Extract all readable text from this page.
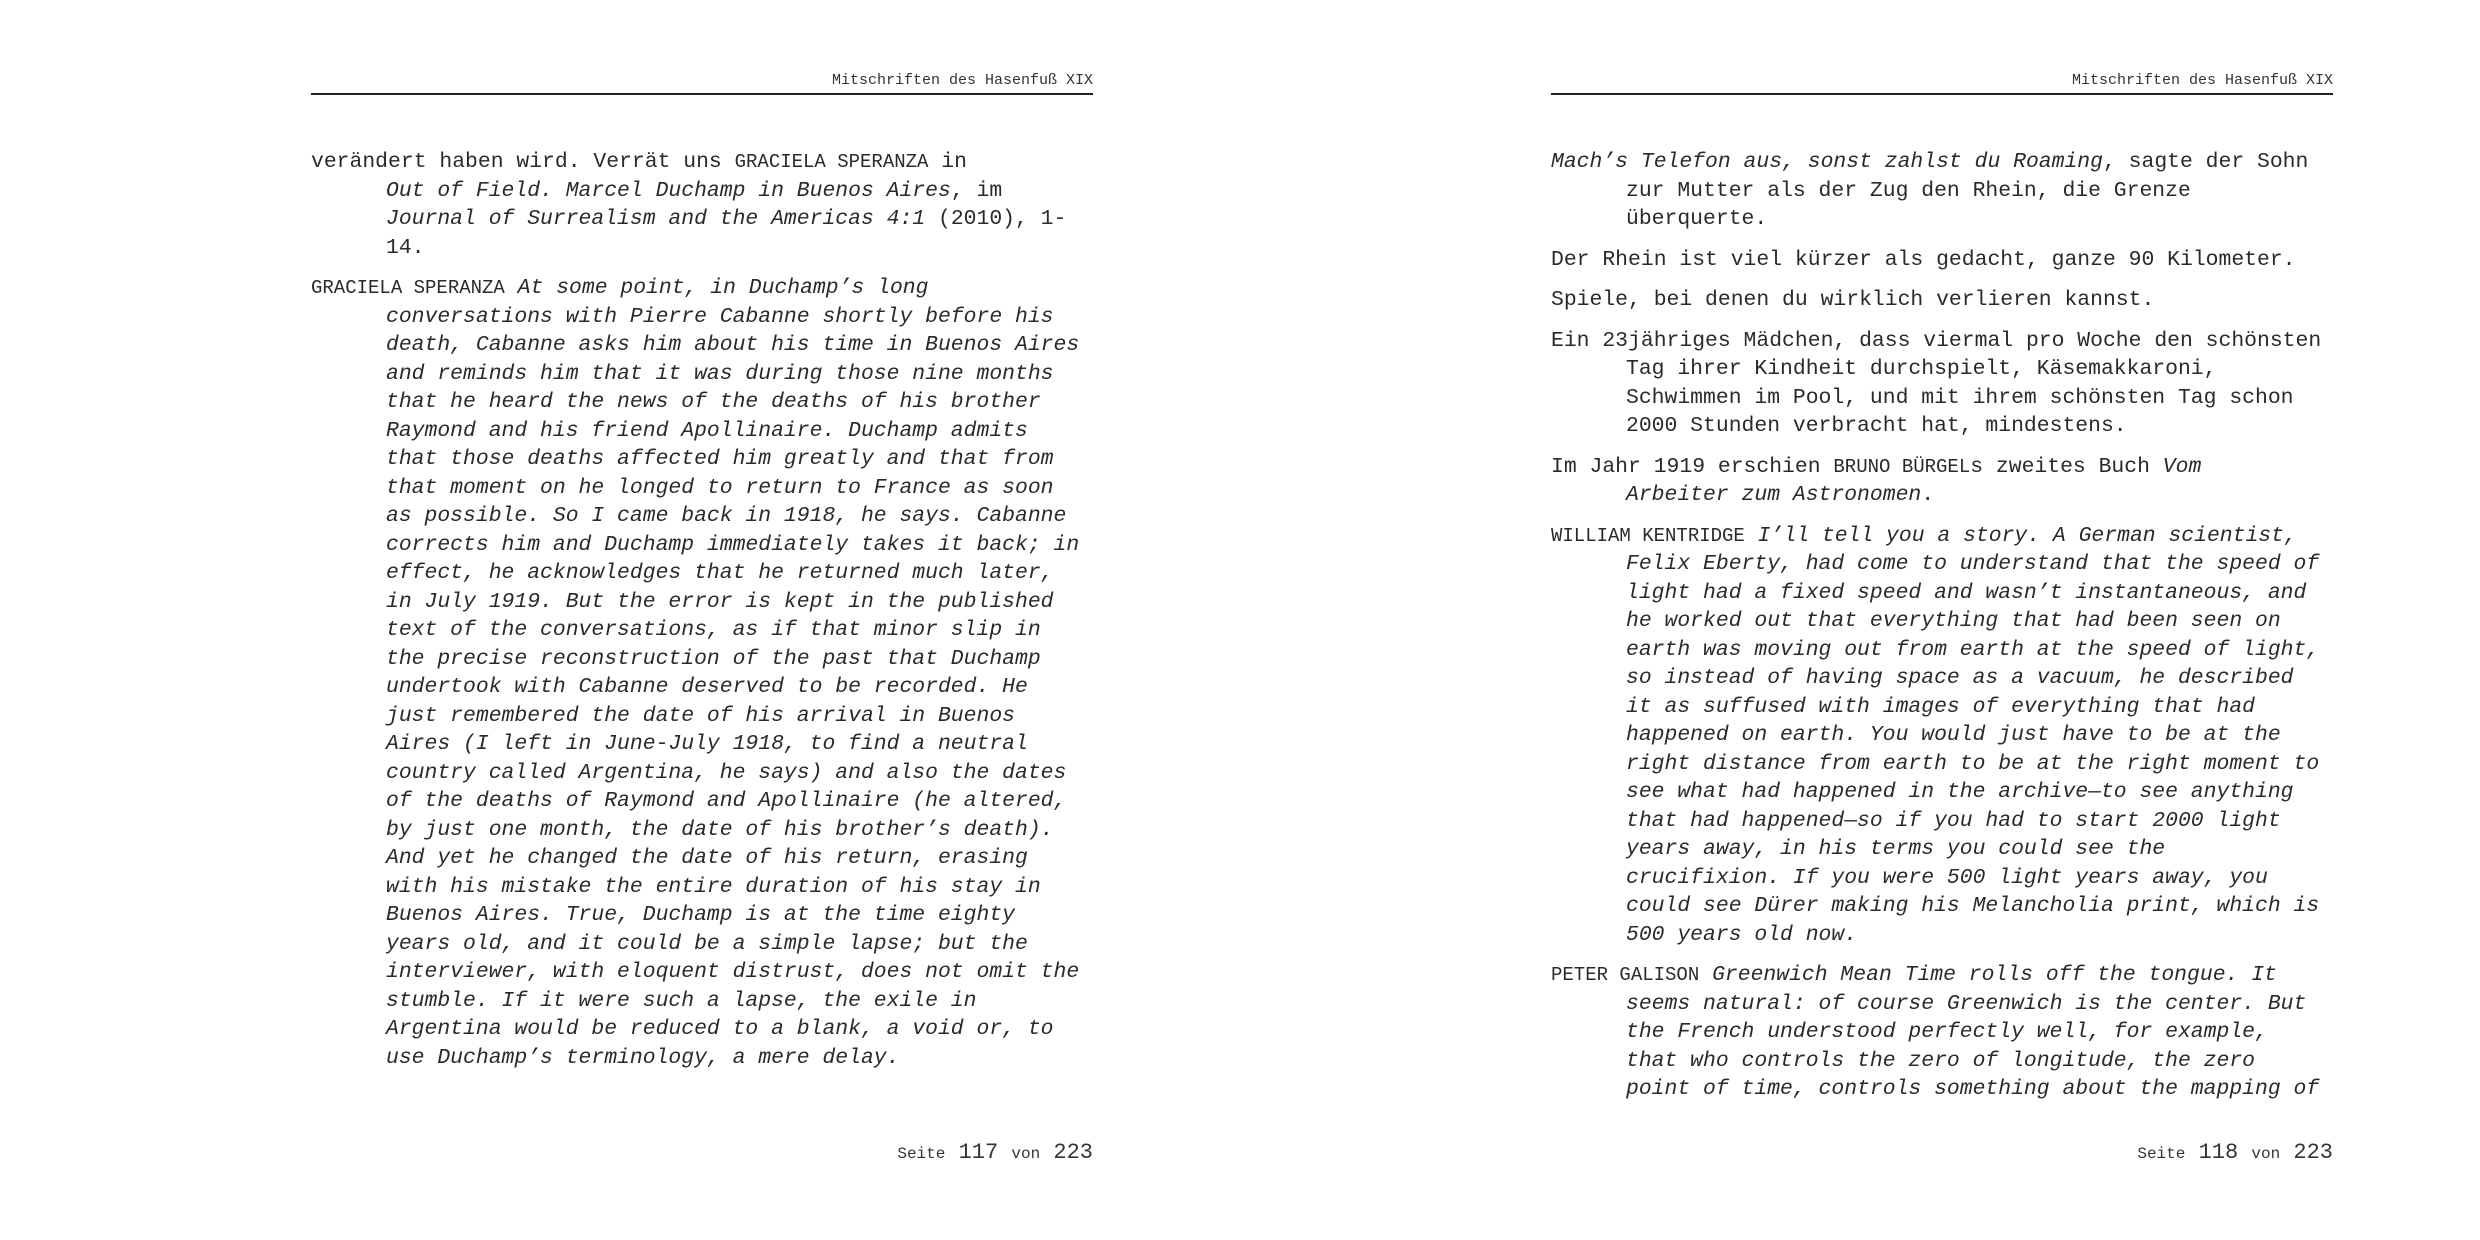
Mitschriften des Hasenfuß XIX
verändert haben wird. Verrät uns GRACIELA SPERANZA in
Out of Field. Marcel Duchamp in Buenos Aires, im
Journal of Surrealism and the Americas 4:1 (2010), 1-
14.
GRACIELA SPERANZA At some point, in Duchamp’s long
conversations with Pierre Cabanne shortly before his
death, Cabanne asks him about his time in Buenos Aires
and reminds him that it was during those nine months
that he heard the news of the deaths of his brother
Raymond and his friend Apollinaire. Duchamp admits
that those deaths affected him greatly and that from
that moment on he longed to return to France as soon
as possible. So I came back in 1918, he says. Cabanne
corrects him and Duchamp immediately takes it back; in
effect, he acknowledges that he returned much later,
in July 1919. But the error is kept in the published
text of the conversations, as if that minor slip in
the precise reconstruction of the past that Duchamp
undertook with Cabanne deserved to be recorded. He
just remembered the date of his arrival in Buenos
Aires (I left in June-July 1918, to find a neutral
country called Argentina, he says) and also the dates
of the deaths of Raymond and Apollinaire (he altered,
by just one month, the date of his brother’s death).
And yet he changed the date of his return, erasing
with his mistake the entire duration of his stay in
Buenos Aires. True, Duchamp is at the time eighty
years old, and it could be a simple lapse; but the
interviewer, with eloquent distrust, does not omit the
stumble. If it were such a lapse, the exile in
Argentina would be reduced to a blank, a void or, to
use Duchamp’s terminology, a mere delay.
Seite 117 von 223
Mitschriften des Hasenfuß XIX
Mach’s Telefon aus, sonst zahlst du Roaming, sagte der Sohn
zur Mutter als der Zug den Rhein, die Grenze
überquerte.
Der Rhein ist viel kürzer als gedacht, ganze 90 Kilometer.
Spiele, bei denen du wirklich verlieren kannst.
Ein 23jähriges Mädchen, dass viermal pro Woche den schönsten
Tag ihrer Kindheit durchspielt, Käsemakkaroni,
Schwimmen im Pool, und mit ihrem schönsten Tag schon
2000 Stunden verbracht hat, mindestens.
Im Jahr 1919 erschien BRUNO BÜRGELs zweites Buch Vom
Arbeiter zum Astronomen.
WILLIAM KENTRIDGE I’ll tell you a story. A German scientist,
Felix Eberty, had come to understand that the speed of
light had a fixed speed and wasn’t instantaneous, and
he worked out that everything that had been seen on
earth was moving out from earth at the speed of light,
so instead of having space as a vacuum, he described
it as suffused with images of everything that had
happened on earth. You would just have to be at the
right distance from earth to be at the right moment to
see what had happened in the archive—to see anything
that had happened—so if you had to start 2000 light
years away, in his terms you could see the
crucifixion. If you were 500 light years away, you
could see Dürer making his Melancholia print, which is
500 years old now.
PETER GALISON Greenwich Mean Time rolls off the tongue. It
seems natural: of course Greenwich is the center. But
the French understood perfectly well, for example,
that who controls the zero of longitude, the zero
point of time, controls something about the mapping of
Seite 118 von 223
